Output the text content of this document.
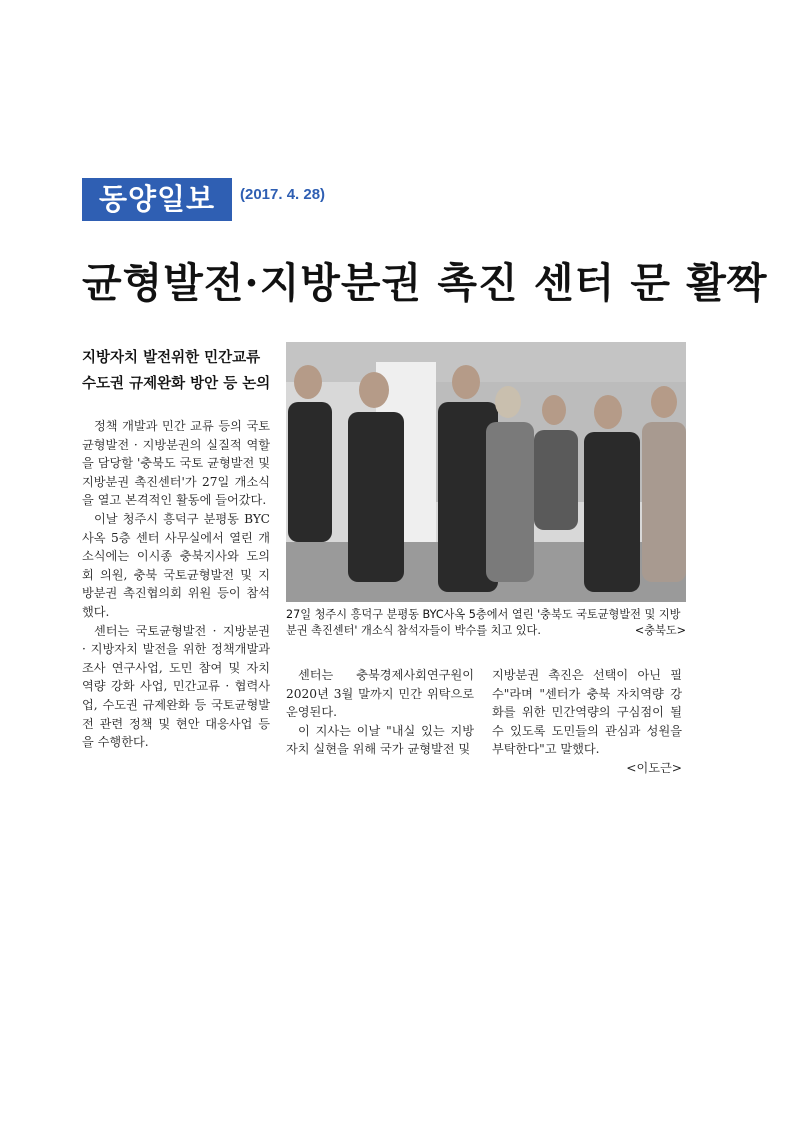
동양일보	(2017. 4. 28)
균형발전·지방분권 촉진 센터 문 활짝
지방자치 발전위한 민간교류
수도권 규제완화 방안 등 논의

정책 개발과 민간 교류 등의 국토균형발전 · 지방분권의 실질적 역할을 담당할 '충북도 국토 균형발전 및 지방분권 촉진센터'가 27일 개소식을 열고 본격적인 활동에 들어갔다.

이날 청주시 흥덕구 분평동 BYC 사옥 5층 센터 사무실에서 열린 개소식에는 이시종 충북지사와 도의회 의원, 충북 국토균형발전 및 지방분권 촉진협의회 위원 등이 참석했다.

센터는 국토균형발전 · 지방분권 · 지방자치 발전을 위한 정책개발과 조사 연구사업, 도민 참여 및 자치역량 강화 사업, 민간교류 · 협력사업, 수도권 규제완화 등 국토균형발전 관련 정책 및 현안 대응사업 등을 수행한다.

27일 청주시 흥덕구 분평동 BYC사옥 5층에서 열린 '충북도 국토균형발전 및 지방분권 촉진센터' 개소식 참석자들이 박수를 치고 있다.	<충북도>

센터는 충북경제사회연구원이 2020년 3월 말까지 민간 위탁으로 운영된다.

이 지사는 이날 "내실 있는 지방자치 실현을 위해 국가 균형발전 및

지방분권 촉진은 선택이 아닌 필수"라며 "센터가 충북 자치역량 강화를 위한 민간역량의 구심점이 될 수 있도록 도민들의 관심과 성원을 부탁한다"고 말했다.

<이도근>
